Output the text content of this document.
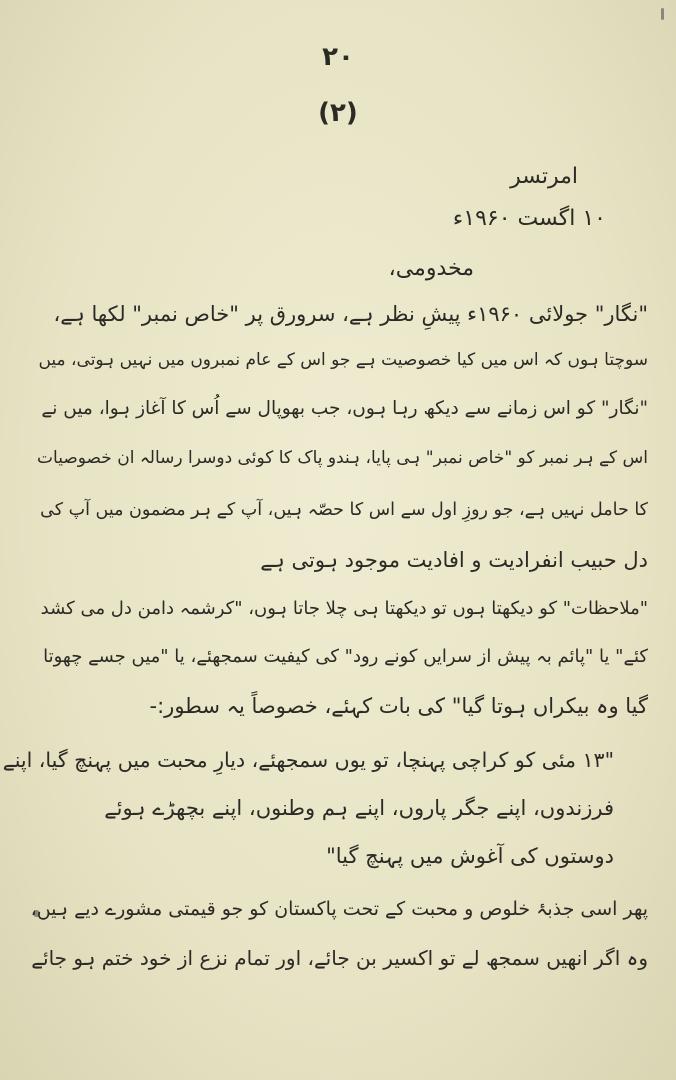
۲۰
(۲)
امرتسر
۱۰ اگست ۱۹۶۰ء
مخدومی،
"نگار" جولائی ۱۹۶۰ء پیشِ نظر ہے، سرورق پر "خاص نمبر" لکھا ہے،
سوچتا ہوں کہ اس میں کیا خصوصیت ہے جو اس کے عام نمبروں میں نہیں ہوتی، میں
"نگار" کو اس زمانے سے دیکھ رہا ہوں، جب بھوپال سے اُس کا آغاز ہوا، میں نے
اس کے ہر نمبر کو "خاص نمبر" ہی پایا، ہندو پاک کا کوئی دوسرا رسالہ ان خصوصیات
کا حامل نہیں ہے، جو روزِ اول سے اس کا حصّہ ہیں، آپ کے ہر مضمون میں آپ کی
دل حبیب انفرادیت و افادیت موجود ہوتی ہے
"ملاحظات" کو دیکھتا ہوں تو دیکھتا ہی چلا جاتا ہوں، "کرشمہ دامن دل می کشد
کئے" یا "پائم بہ پیش از سرایں کونے رود" کی کیفیت سمجھئے، یا "میں جسے چھوتا
گیا وہ بیکراں ہوتا گیا" کی بات کہئے، خصوصاً یہ سطور:-
"۱۳ مئی کو کراچی پہنچا، تو یوں سمجھئے، دیارِ محبت میں پہنچ گیا، اپنے
فرزندوں، اپنے جگر پاروں، اپنے ہم وطنوں، اپنے بچھڑے ہوئے
دوستوں کی آغوش میں پہنچ گیا"
پھر اسی جذبۂ خلوص و محبت کے تحت پاکستان کو جو قیمتی مشورے دیے ہیں،
وہ اگر انھیں سمجھ لے تو اکسیر بن جائے، اور تمام نزع از خود ختم ہو جائے
